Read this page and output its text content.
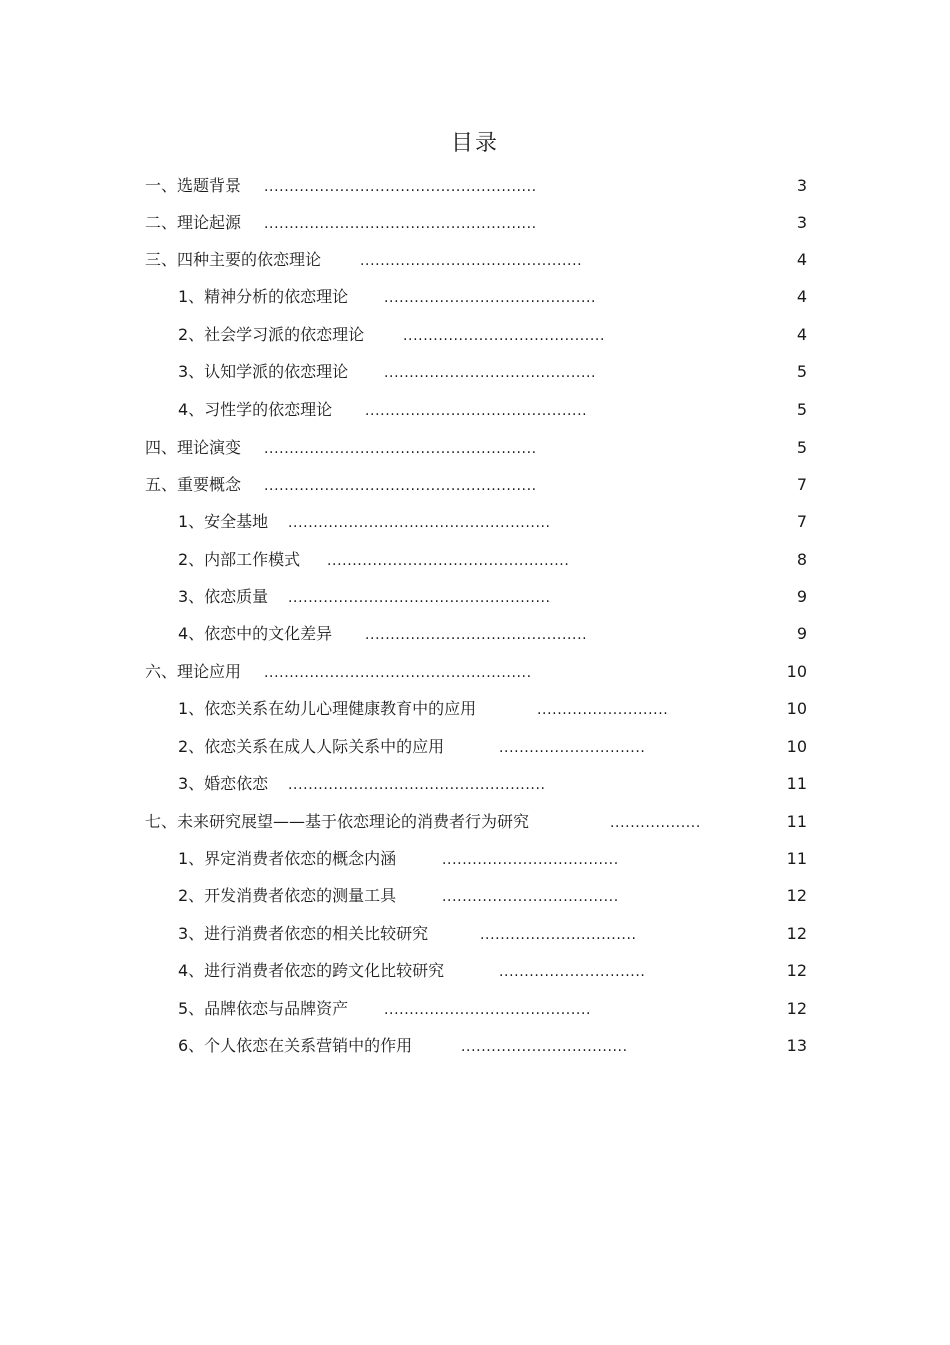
目录
一、选题背景 ......................................................	3
二、理论起源 ......................................................	3
三、四种主要的依恋理论	............................................	4
1、精神分析的依恋理论	..........................................	4
2、社会学习派的依恋理论	........................................	4
3、认知学派的依恋理论	..........................................	5
4、习性学的依恋理论 ............................................	5
四、理论演变 ......................................................	5
五、重要概念 ......................................................	7
1、安全基地 ....................................................	7
2、内部工作模式 ................................................	8
3、依恋质量 ....................................................	9
4、依恋中的文化差异 ............................................	9
六、理论应用 .....................................................	10
1、依恋关系在幼儿心理健康教育中的应用	..........................	10
2、依恋关系在成人人际关系中的应用	.............................	10
3、婚恋依恋 ...................................................	11
七、未来研究展望——基于依恋理论的消费者行为研究	..................	11
1、界定消费者依恋的概念内涵	...................................	11
2、开发消费者依恋的测量工具	...................................	12
3、进行消费者依恋的相关比较研究	...............................	12
4、进行消费者依恋的跨文化比较研究	.............................	12
5、品牌依恋与品牌资产	.........................................	12
6、个人依恋在关系营销中的作用	.................................	13
